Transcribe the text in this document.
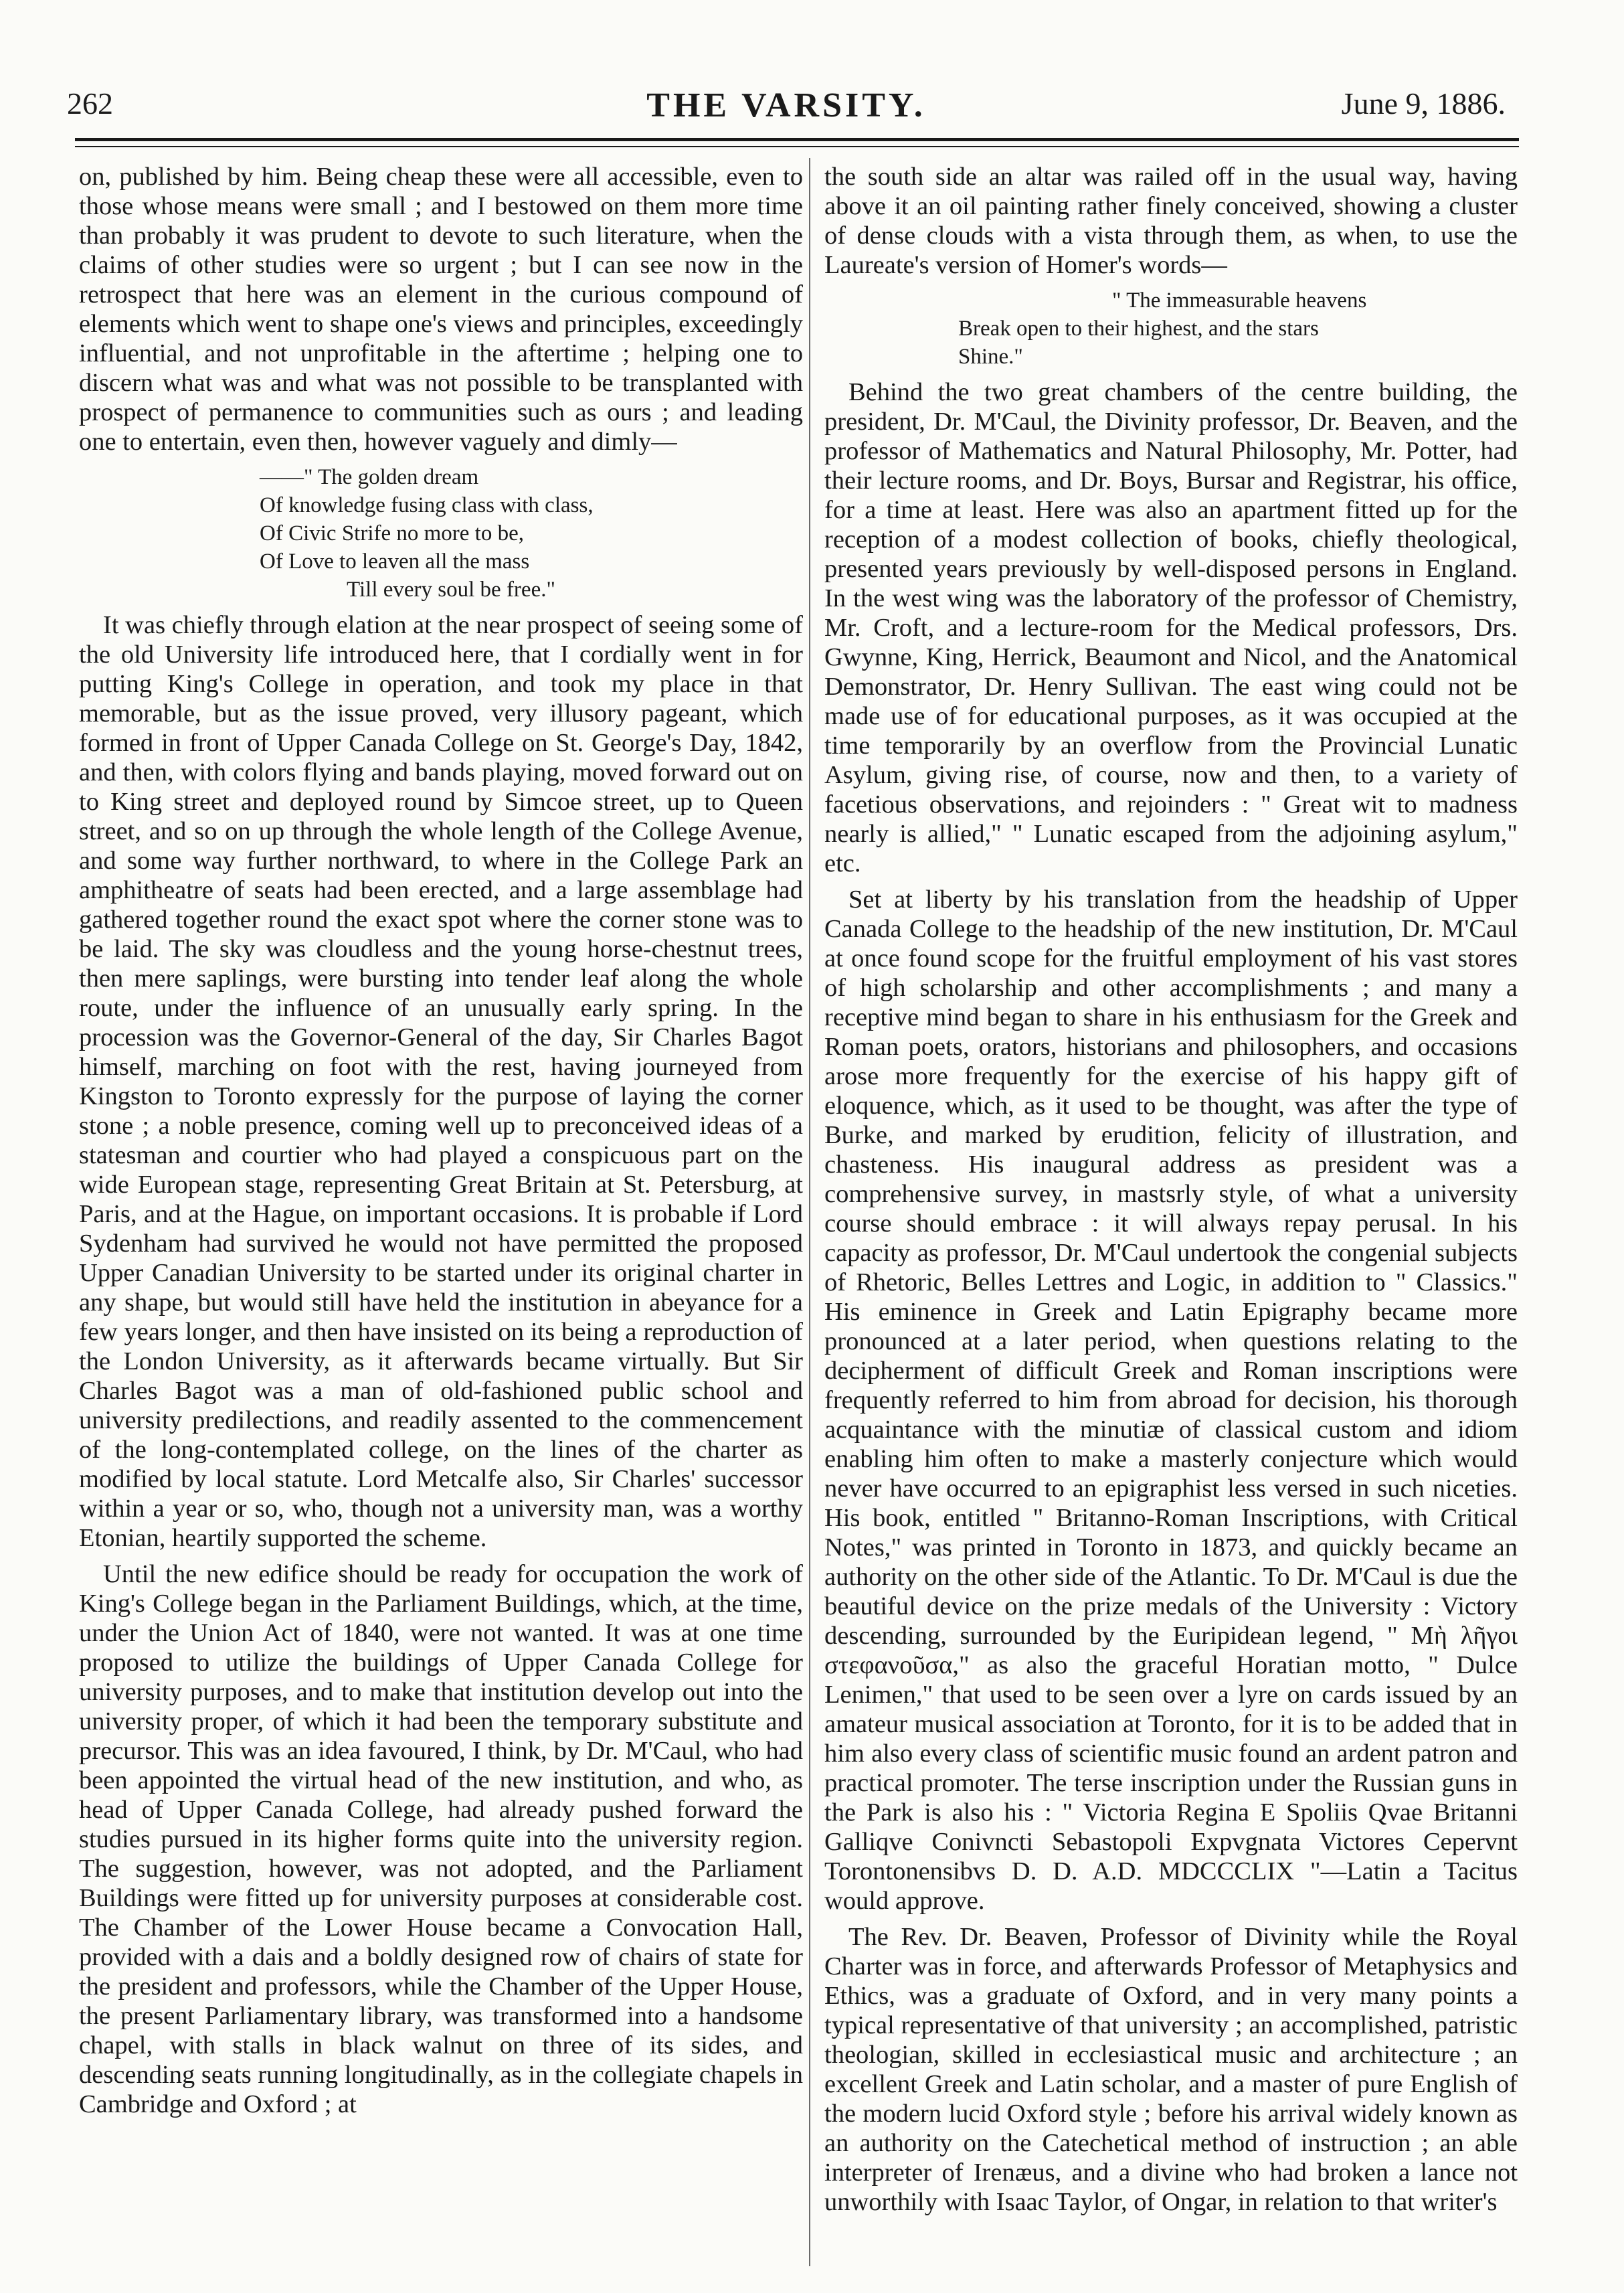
262	THE VARSITY.	June 9, 1886.

on, published by him. Being cheap these were all accessible, even to those whose means were small ; and I bestowed on them more time than probably it was prudent to devote to such literature, when the claims of other studies were so urgent ; but I can see now in the retrospect that here was an element in the curious compound of elements which went to shape one's views and principles, exceedingly influential, and not unprofitable in the aftertime ; helping one to discern what was and what was not possible to be transplanted with prospect of permanence to communities such as ours ; and leading one to entertain, even then, however vaguely and dimly—

——" The golden dream
Of knowledge fusing class with class,
Of Civic Strife no more to be,
Of Love to leaven all the mass
Till every soul be free."

It was chiefly through elation at the near prospect of seeing some of the old University life introduced here, that I cordially went in for putting King's College in operation, and took my place in that memorable, but as the issue proved, very illusory pageant, which formed in front of Upper Canada College on St. George's Day, 1842, and then, with colors flying and bands playing, moved forward out on to King street and deployed round by Simcoe street, up to Queen street, and so on up through the whole length of the College Avenue, and some way further northward, to where in the College Park an amphitheatre of seats had been erected, and a large assemblage had gathered together round the exact spot where the corner stone was to be laid. The sky was cloudless and the young horse-chestnut trees, then mere saplings, were bursting into tender leaf along the whole route, under the influence of an unusually early spring. In the procession was the Governor-General of the day, Sir Charles Bagot himself, marching on foot with the rest, having journeyed from Kingston to Toronto expressly for the purpose of laying the corner stone ; a noble presence, coming well up to preconceived ideas of a statesman and courtier who had played a conspicuous part on the wide European stage, representing Great Britain at St. Petersburg, at Paris, and at the Hague, on important occasions. It is probable if Lord Sydenham had survived he would not have permitted the proposed Upper Canadian University to be started under its original charter in any shape, but would still have held the institution in abeyance for a few years longer, and then have insisted on its being a reproduction of the London University, as it afterwards became virtually. But Sir Charles Bagot was a man of old-fashioned public school and university predilections, and readily assented to the commencement of the long-contemplated college, on the lines of the charter as modified by local statute. Lord Metcalfe also, Sir Charles' successor within a year or so, who, though not a university man, was a worthy Etonian, heartily supported the scheme.

Until the new edifice should be ready for occupation the work of King's College began in the Parliament Buildings, which, at the time, under the Union Act of 1840, were not wanted. It was at one time proposed to utilize the buildings of Upper Canada College for university purposes, and to make that institution develop out into the university proper, of which it had been the temporary substitute and precursor. This was an idea favoured, I think, by Dr. M'Caul, who had been appointed the virtual head of the new institution, and who, as head of Upper Canada College, had already pushed forward the studies pursued in its higher forms quite into the university region. The suggestion, however, was not adopted, and the Parliament Buildings were fitted up for university purposes at considerable cost. The Chamber of the Lower House became a Convocation Hall, provided with a dais and a boldly designed row of chairs of state for the president and professors, while the Chamber of the Upper House, the present Parliamentary library, was transformed into a handsome chapel, with stalls in black walnut on three of its sides, and descending seats running longitudinally, as in the collegiate chapels in Cambridge and Oxford ; at

the south side an altar was railed off in the usual way, having above it an oil painting rather finely conceived, showing a cluster of dense clouds with a vista through them, as when, to use the Laureate's version of Homer's words—

" The immeasurable heavens
Break open to their highest, and the stars
Shine."

Behind the two great chambers of the centre building, the president, Dr. M'Caul, the Divinity professor, Dr. Beaven, and the professor of Mathematics and Natural Philosophy, Mr. Potter, had their lecture rooms, and Dr. Boys, Bursar and Registrar, his office, for a time at least. Here was also an apartment fitted up for the reception of a modest collection of books, chiefly theological, presented years previously by well-disposed persons in England. In the west wing was the laboratory of the professor of Chemistry, Mr. Croft, and a lecture-room for the Medical professors, Drs. Gwynne, King, Herrick, Beaumont and Nicol, and the Anatomical Demonstrator, Dr. Henry Sullivan. The east wing could not be made use of for educational purposes, as it was occupied at the time temporarily by an overflow from the Provincial Lunatic Asylum, giving rise, of course, now and then, to a variety of facetious observations, and rejoinders : " Great wit to madness nearly is allied," " Lunatic escaped from the adjoining asylum," etc.

Set at liberty by his translation from the headship of Upper Canada College to the headship of the new institution, Dr. M'Caul at once found scope for the fruitful employment of his vast stores of high scholarship and other accomplishments ; and many a receptive mind began to share in his enthusiasm for the Greek and Roman poets, orators, historians and philosophers, and occasions arose more frequently for the exercise of his happy gift of eloquence, which, as it used to be thought, was after the type of Burke, and marked by erudition, felicity of illustration, and chasteness. His inaugural address as president was a comprehensive survey, in mastsrly style, of what a university course should embrace : it will always repay perusal. In his capacity as professor, Dr. M'Caul undertook the congenial subjects of Rhetoric, Belles Lettres and Logic, in addition to " Classics." His eminence in Greek and Latin Epigraphy became more pronounced at a later period, when questions relating to the decipherment of difficult Greek and Roman inscriptions were frequently referred to him from abroad for decision, his thorough acquaintance with the minutiæ of classical custom and idiom enabling him often to make a masterly conjecture which would never have occurred to an epigraphist less versed in such niceties. His book, entitled " Britanno-Roman Inscriptions, with Critical Notes," was printed in Toronto in 1873, and quickly became an authority on the other side of the Atlantic. To Dr. M'Caul is due the beautiful device on the prize medals of the University : Victory descending, surrounded by the Euripidean legend, " Μὴ λῆγοι στεφανοῦσα," as also the graceful Horatian motto, " Dulce Lenimen," that used to be seen over a lyre on cards issued by an amateur musical association at Toronto, for it is to be added that in him also every class of scientific music found an ardent patron and practical promoter. The terse inscription under the Russian guns in the Park is also his : " Victoria Regina E Spoliis Qvae Britanni Galliqve Conivncti Sebastopoli Expvgnata Victores Cepervnt Torontonensibvs D. D. A.D. MDCCCLIX "—Latin a Tacitus would approve.

The Rev. Dr. Beaven, Professor of Divinity while the Royal Charter was in force, and afterwards Professor of Metaphysics and Ethics, was a graduate of Oxford, and in very many points a typical representative of that university ; an accomplished, patristic theologian, skilled in ecclesiastical music and architecture ; an excellent Greek and Latin scholar, and a master of pure English of the modern lucid Oxford style ; before his arrival widely known as an authority on the Catechetical method of instruction ; an able interpreter of Irenæus, and a divine who had broken a lance not unworthily with Isaac Taylor, of Ongar, in relation to that writer's
